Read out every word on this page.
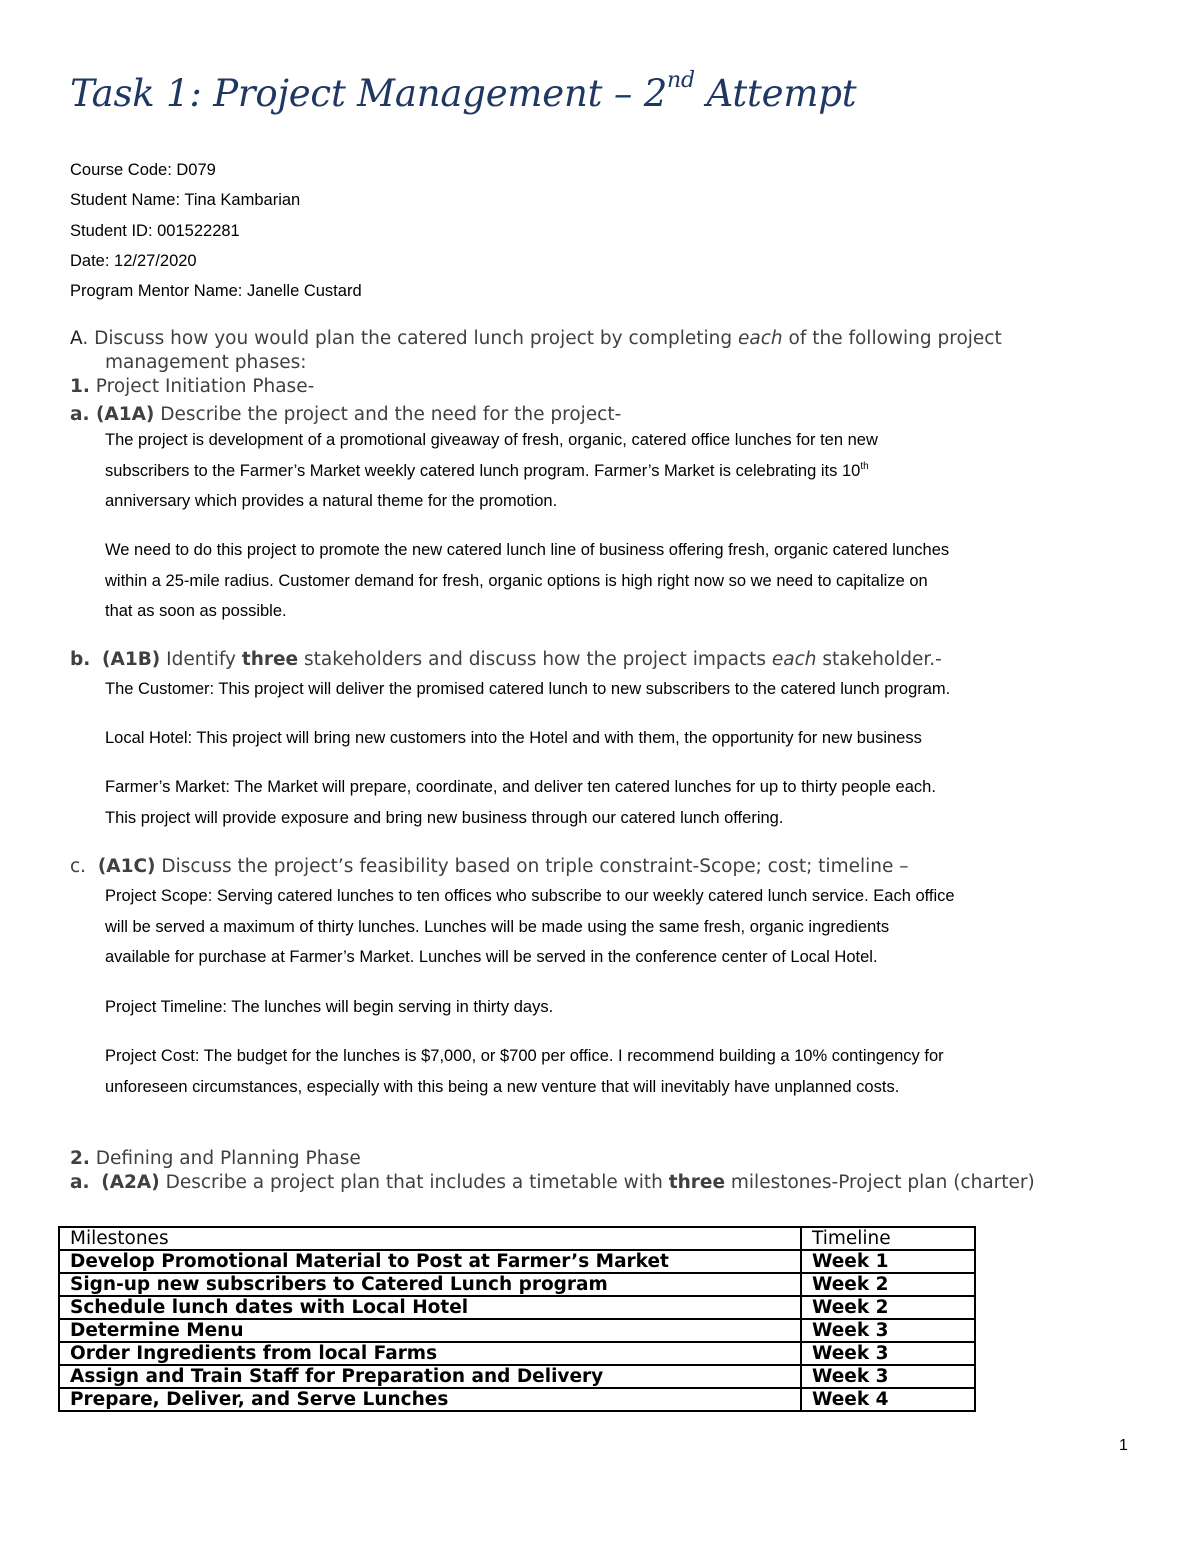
Task 1: Project Management – 2nd Attempt
Course Code: D079
Student Name: Tina Kambarian
Student ID: 001522281
Date: 12/27/2020
Program Mentor Name: Janelle Custard
A. Discuss how you would plan the catered lunch project by completing each of the following project
management phases:
1. Project Initiation Phase-
a. (A1A) Describe the project and the need for the project-
The project is development of a promotional giveaway of fresh, organic, catered office lunches for ten new
subscribers to the Farmer’s Market weekly catered lunch program. Farmer’s Market is celebrating its 10th
anniversary which provides a natural theme for the promotion.
We need to do this project to promote the new catered lunch line of business offering fresh, organic catered lunches
within a 25-mile radius. Customer demand for fresh, organic options is high right now so we need to capitalize on
that as soon as possible.
b. (A1B) Identify three stakeholders and discuss how the project impacts each stakeholder.-
The Customer: This project will deliver the promised catered lunch to new subscribers to the catered lunch program.
Local Hotel: This project will bring new customers into the Hotel and with them, the opportunity for new business
Farmer’s Market: The Market will prepare, coordinate, and deliver ten catered lunches for up to thirty people each.
This project will provide exposure and bring new business through our catered lunch offering.
c. (A1C) Discuss the project’s feasibility based on triple constraint-Scope; cost; timeline –
Project Scope: Serving catered lunches to ten offices who subscribe to our weekly catered lunch service. Each office
will be served a maximum of thirty lunches. Lunches will be made using the same fresh, organic ingredients
available for purchase at Farmer’s Market. Lunches will be served in the conference center of Local Hotel.
Project Timeline: The lunches will begin serving in thirty days.
Project Cost: The budget for the lunches is $7,000, or $700 per office. I recommend building a 10% contingency for
unforeseen circumstances, especially with this being a new venture that will inevitably have unplanned costs.
2. Defining and Planning Phase
a. (A2A) Describe a project plan that includes a timetable with three milestones-Project plan (charter)
Milestones	Timeline
Develop Promotional Material to Post at Farmer’s Market	Week 1
Sign-up new subscribers to Catered Lunch program	Week 2
Schedule lunch dates with Local Hotel	Week 2
Determine Menu	Week 3
Order Ingredients from local Farms	Week 3
Assign and Train Staff for Preparation and Delivery	Week 3
Prepare, Deliver, and Serve Lunches	Week 4
1
